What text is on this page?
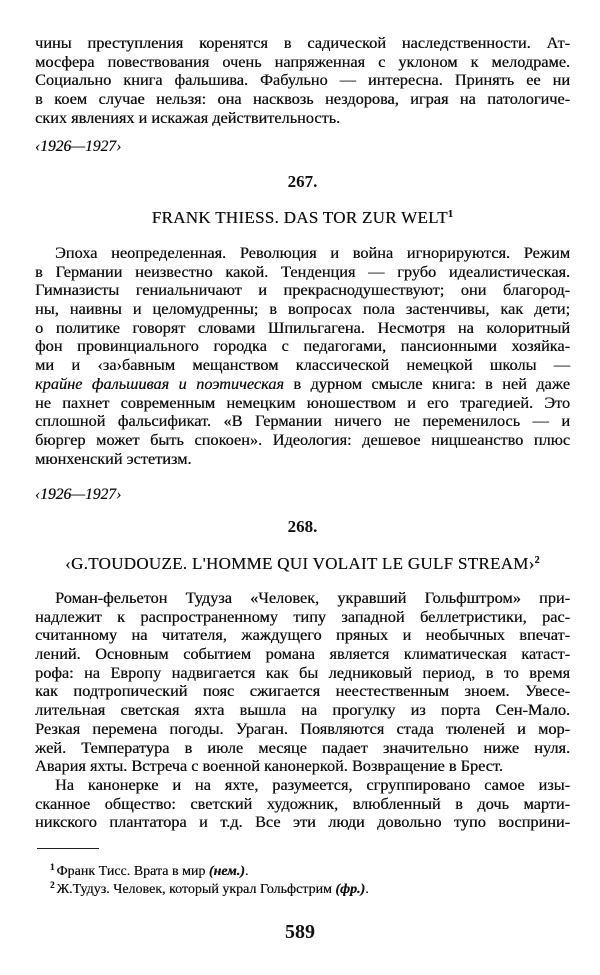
чины преступления коренятся в садической наследственности. Ат-
мосфера повествования очень напряженная с уклоном к мелодраме.
Социально книга фальшива. Фабульно — интересна. Принять ее ни
в коем случае нельзя: она насквозь нездорова, играя на патологиче-
ских явлениях и искажая действительность.
‹1926—1927›
267.
FRANK THIESS. DAS TOR ZUR WELT$^1$
Эпоха неопределенная. Революция и война игнорируются. Режим
в Германии неизвестно какой. Тенденция — грубо идеалистическая.
Гимназисты гениальничают и прекраснодушествуют; они благород-
ны, наивны и целомудренны; в вопросах пола застенчивы, как дети;
о политике говорят словами Шпильгагена. Несмотря на колоритный
фон провинциального городка с педагогами, пансионными хозяйка-
ми и ‹за›бавным мещанством классической немецкой школы —
крайне фальшивая и поэтическая в дурном смысле книга: в ней даже
не пахнет современным немецким юношеством и его трагедией. Это
сплошной фальсификат. «В Германии ничего не переменилось — и
бюргер может быть спокоен». Идеология: дешевое ницшеанство плюс
мюнхенский эстетизм.
‹1926—1927›
268.
‹G.TOUDOUZE. L'HOMME QUI VOLAIT LE GULF STREAM›$^2$
Роман-фельетон Тудуза «Человек, укравший Гольфштром» при-
надлежит к распространенному типу западной беллетристики, рас-
считанному на читателя, жаждущего пряных и необычных впечат-
лений. Основным событием романа является климатическая катаст-
рофа: на Европу надвигается как бы ледниковый период, в то время
как подтропический пояс сжигается неестественным зноем. Увесе-
лительная светская яхта вышла на прогулку из порта Сен-Мало.
Резкая перемена погоды. Ураган. Появляются стада тюленей и мор-
жей. Температура в июле месяце падает значительно ниже нуля.
Авария яхты. Встреча с военной канонеркой. Возвращение в Брест.
На канонерке и на яхте, разумеется, сгруппировано самое изы-
сканное общество: светский художник, влюбленный в дочь марти-
никского плантатора и т.д. Все эти люди довольно тупо восприни-
$^1$ Франк Тисс. Врата в мир (нем.).
$^2$ Ж.Тудуз. Человек, который украл Гольфстрим (фр.).
589
